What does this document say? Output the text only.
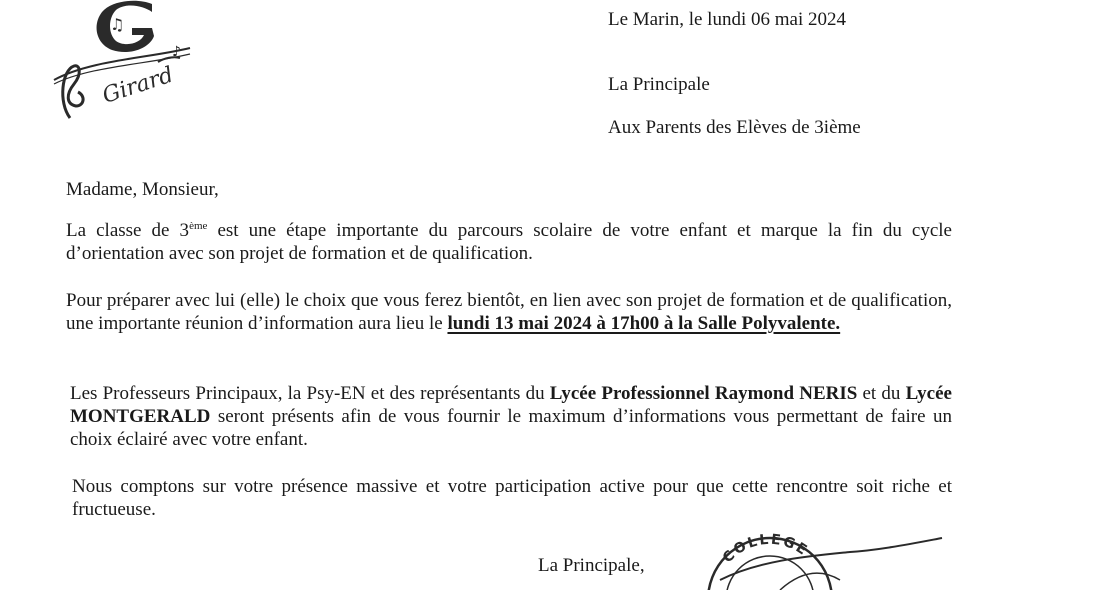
♫
Girard
♪
Le Marin, le lundi 06 mai 2024
La Principale
Aux Parents des Elèves de 3ième
Madame, Monsieur,

La classe de 3ème est une étape importante du parcours scolaire de votre enfant et marque la fin du cycle d’orientation avec son projet de formation et de qualification.

Pour préparer avec lui (elle) le choix que vous ferez bientôt, en lien avec son projet de formation et de qualification, une importante réunion d’information aura lieu le lundi 13 mai 2024 à 17h00 à la Salle Polyvalente.

Les Professeurs Principaux, la Psy-EN et des représentants du Lycée Professionnel Raymond NERIS et du Lycée MONTGERALD seront présents afin de vous fournir le maximum d’informations vous permettant de faire un choix éclairé avec votre enfant.

Nous comptons sur votre présence massive et votre participation active pour que cette rencontre soit riche et fructueuse.
La Principale,	COLLEGE
